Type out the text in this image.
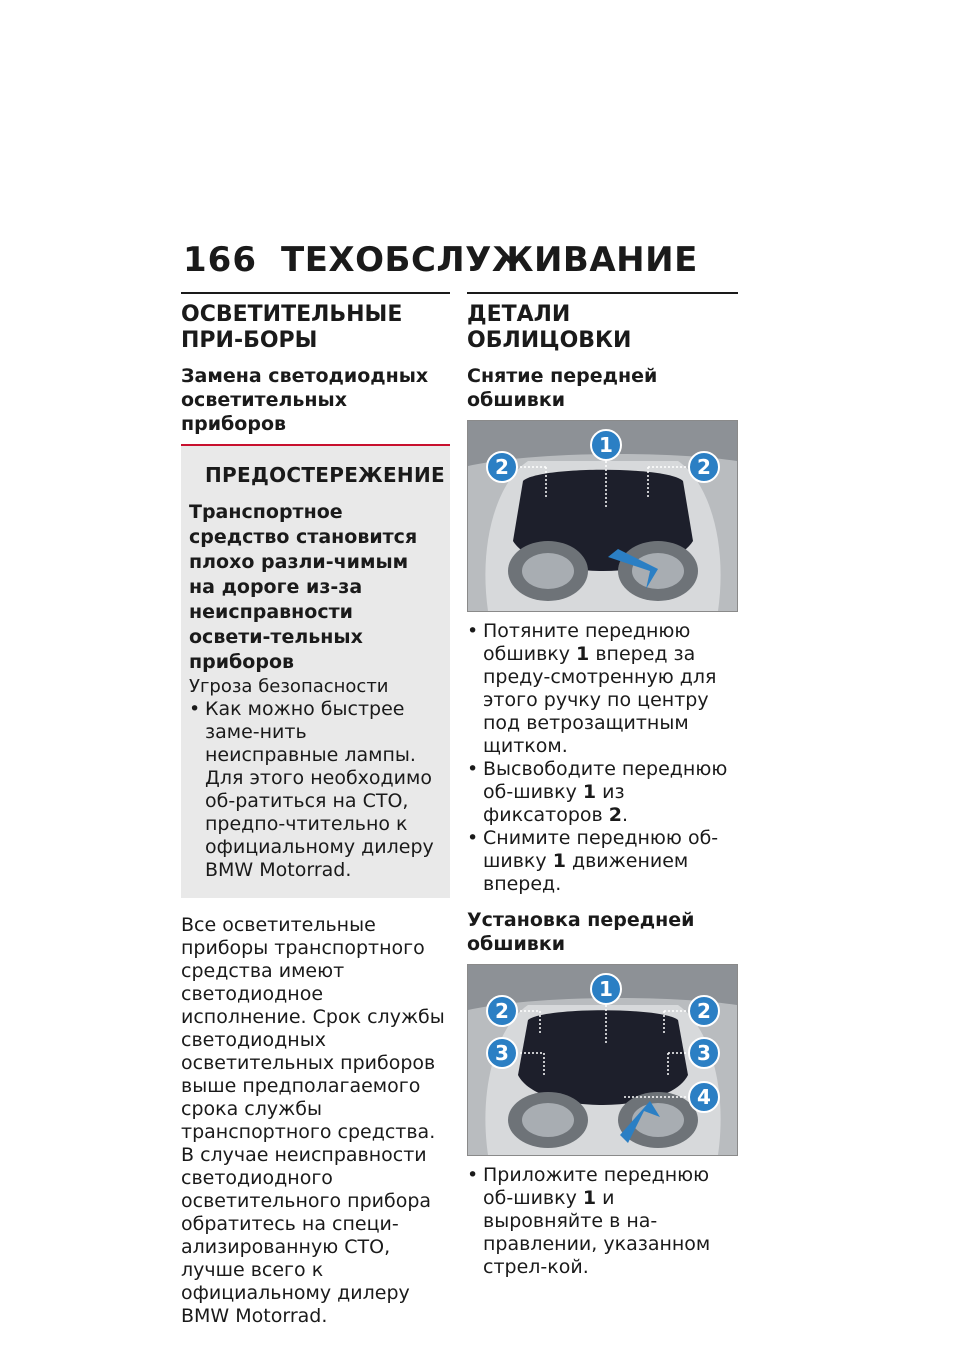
166 ТЕХОБСЛУЖИВАНИЕ
ОСВЕТИТЕЛЬНЫЕ ПРИ-БОРЫ
Замена светодиодных осветительных приборов
ПРЕДОСТЕРЕЖЕНИЕ
Транспортное средство становится плохо разли-чимым на дороге из-за неисправности освети-тельных приборов
Угроза безопасности
• Как можно быстрее заме-нить неисправные лампы. Для этого необходимо об-ратиться на СТО, предпо-чтительно к официальному дилеру BMW Motorrad.
Все осветительные приборы транспортного средства имеют светодиодное исполнение. Срок службы светодиодных осветительных приборов выше предполагаемого срока службы транспортного средства.
В случае неисправности светодиодного осветительного прибора обратитесь на специ-ализированную СТО, лучше всего к официальному дилеру BMW Motorrad.
ДЕТАЛИ ОБЛИЦОВКИ
Снятие передней обшивки
2
1
2
• Потяните переднюю обшивку 1 вперед за преду-смотренную для этого ручку по центру под ветрозащитным щитком.
• Высвободите переднюю об-шивку 1 из фиксаторов 2.
• Снимите переднюю об-шивку 1 движением вперед.
Установка передней обшивки
2
1
2
3	3
4
• Приложите переднюю об-шивку 1 и выровняйте в на-правлении, указанном стрел-кой.
